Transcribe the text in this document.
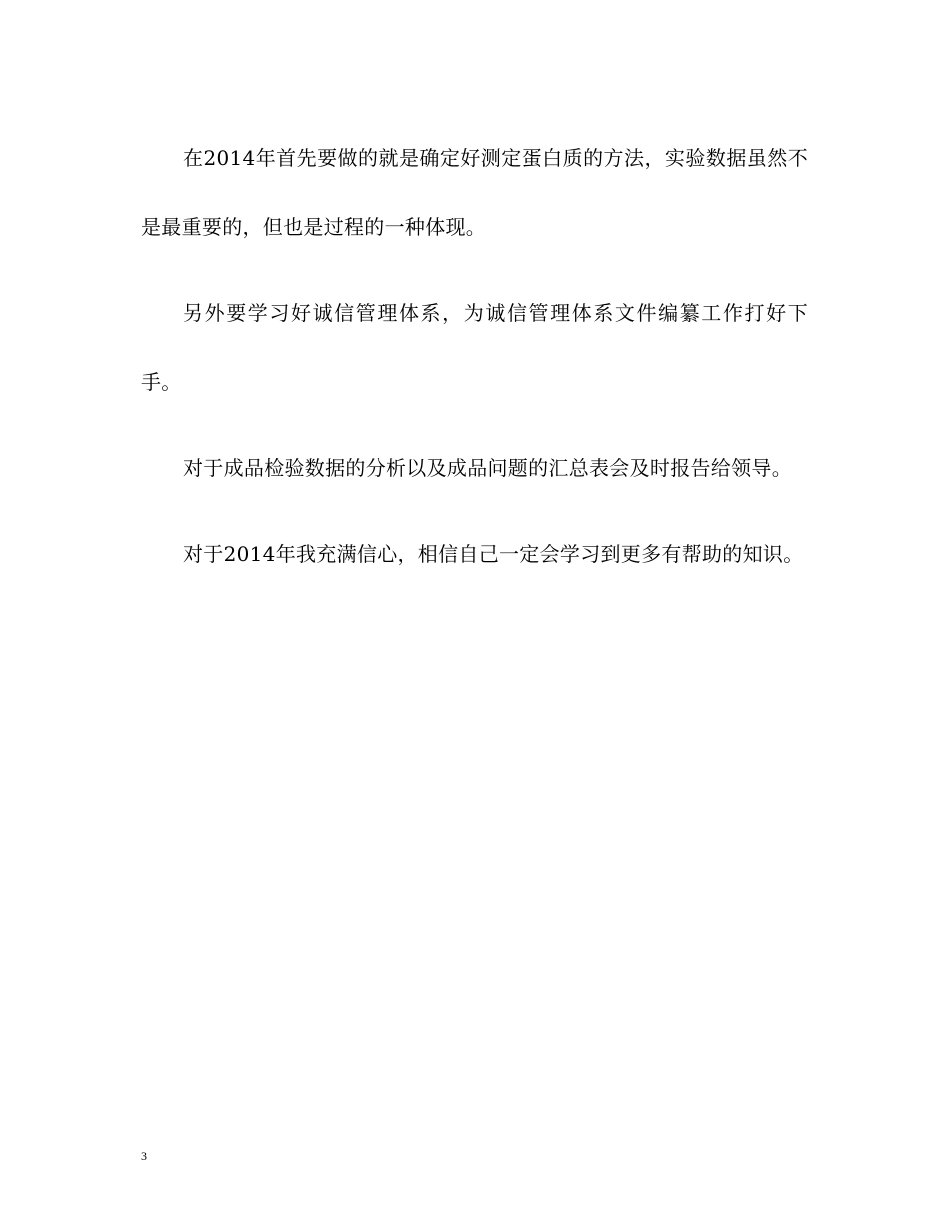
在2014年首先要做的就是确定好测定蛋白质的方法，实验数据虽然不是最重要的，但也是过程的一种体现。

另外要学习好诚信管理体系，为诚信管理体系文件编纂工作打好下手。

对于成品检验数据的分析以及成品问题的汇总表会及时报告给领导。

对于2014年我充满信心，相信自己一定会学习到更多有帮助的知识。

3
